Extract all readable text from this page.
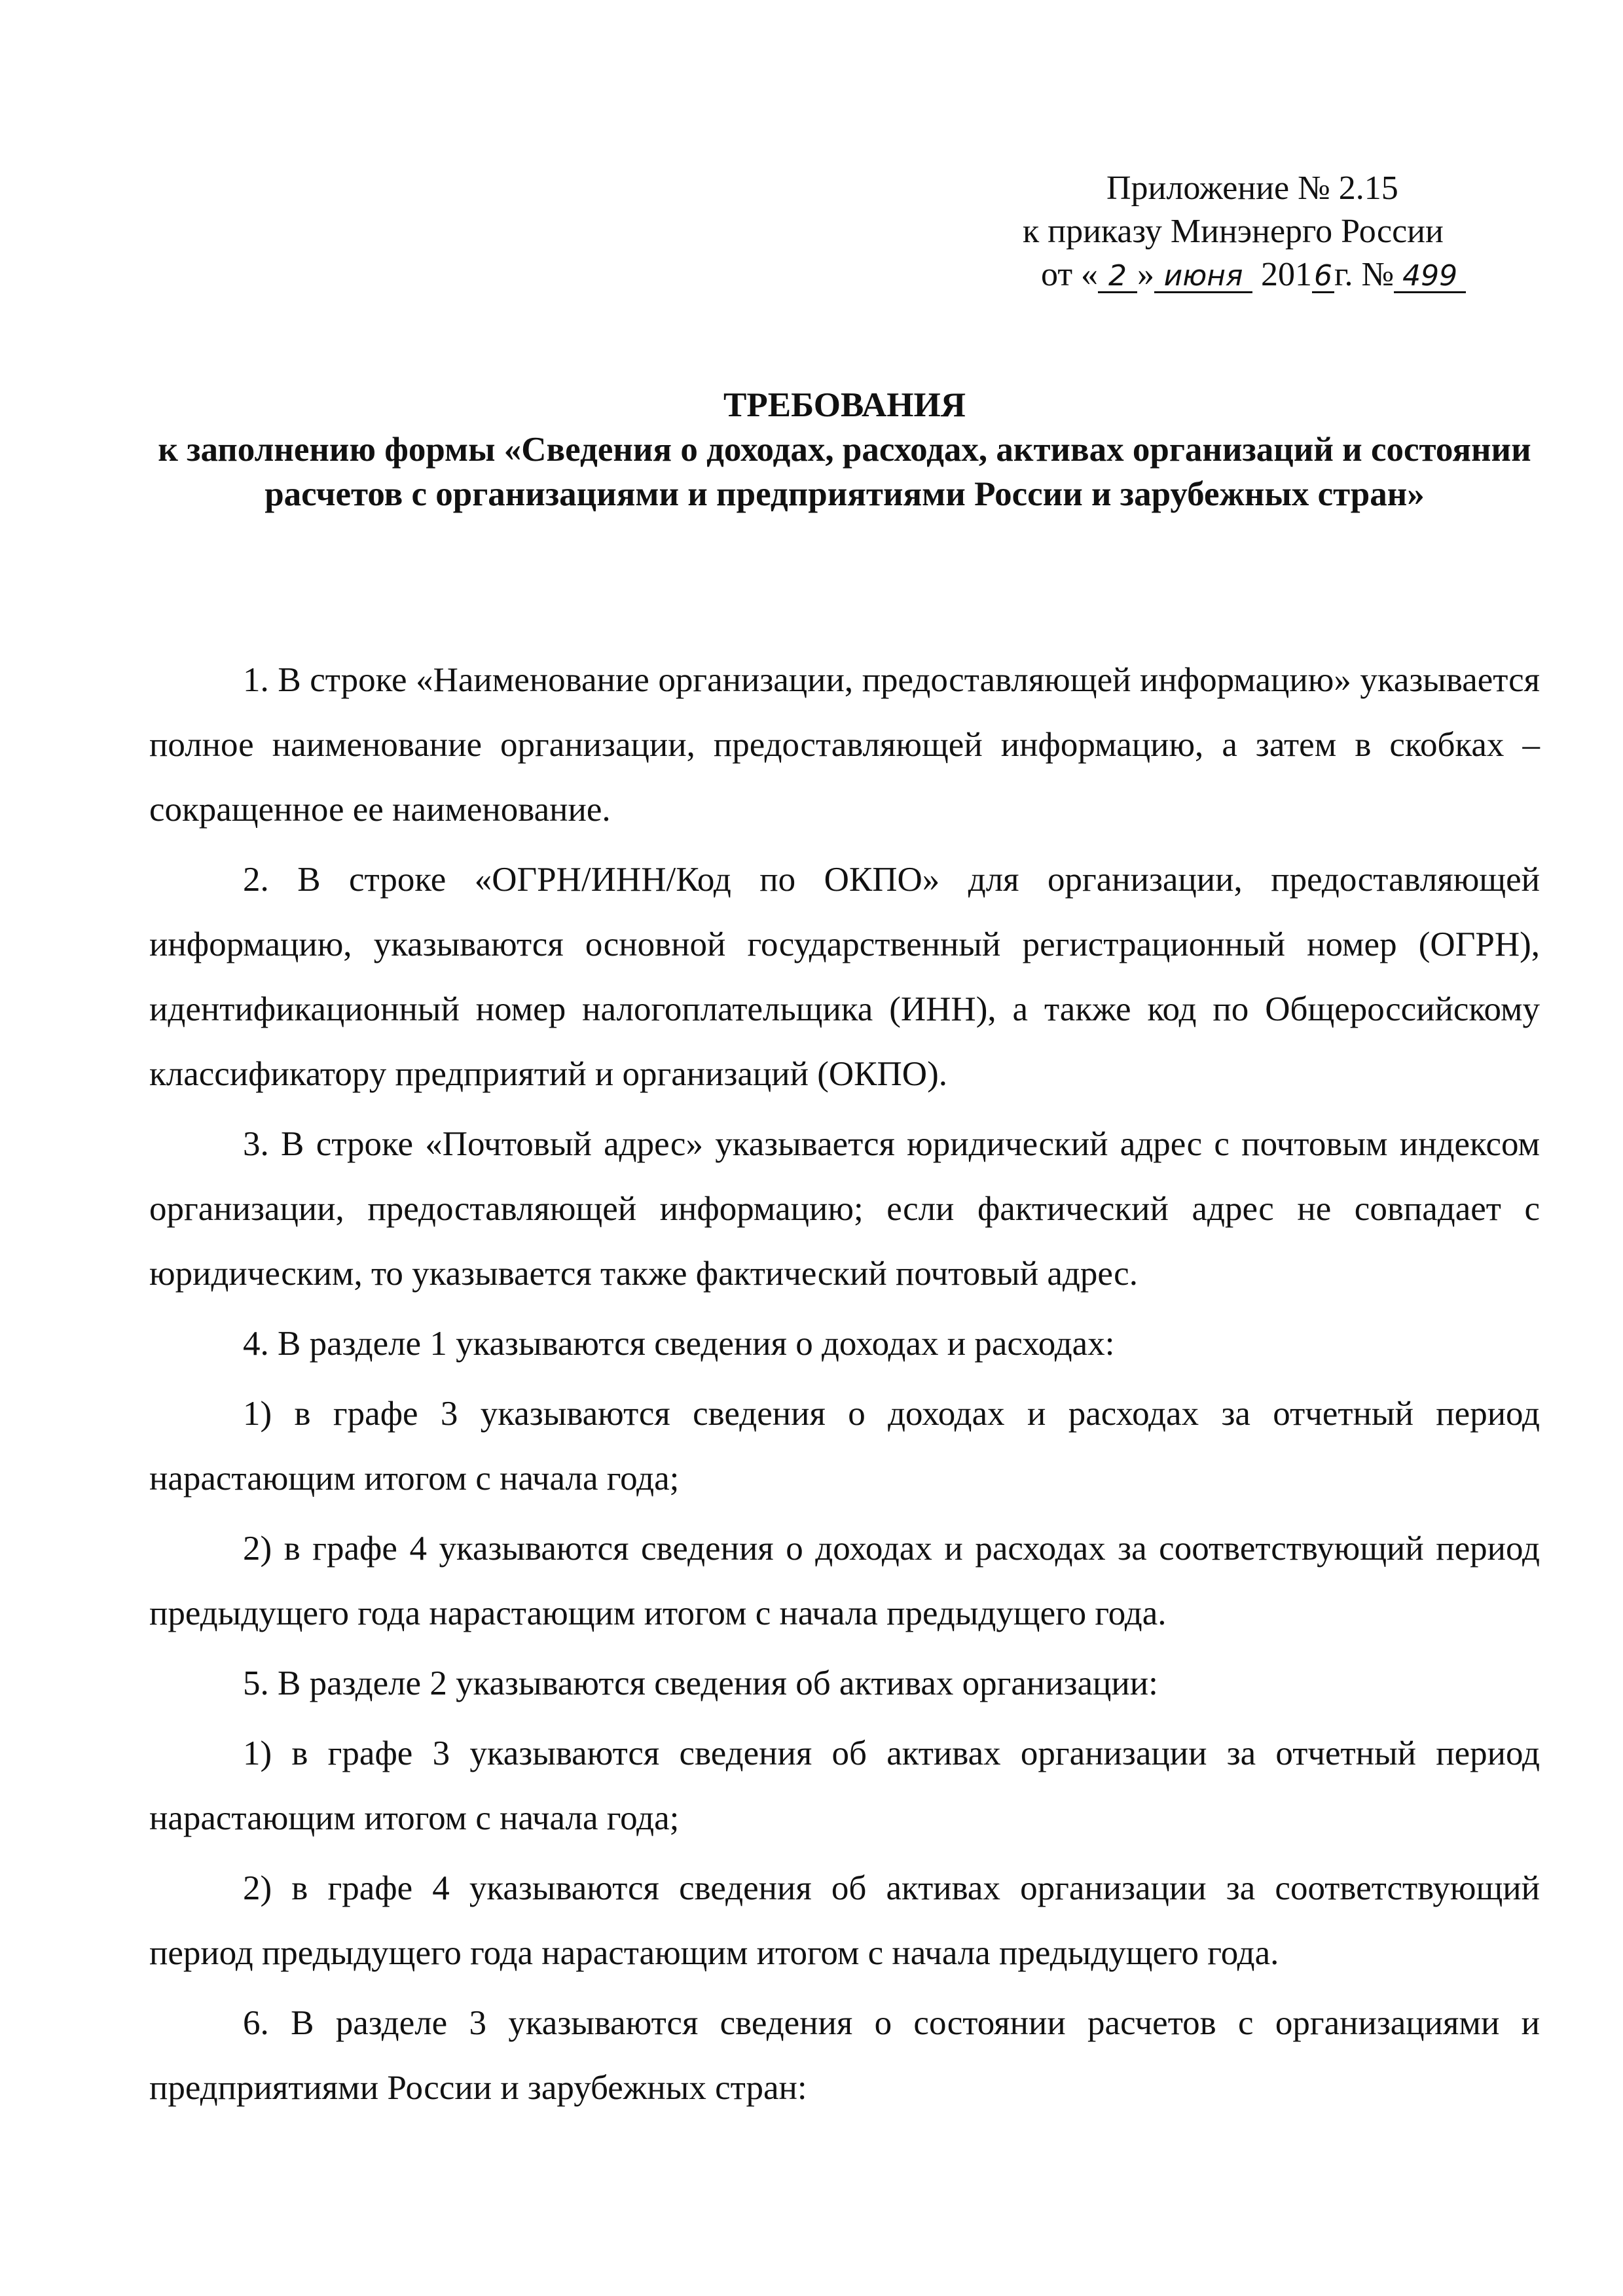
Приложение № 2.15
к приказу Минэнерго России
от « 2 » июня 2016г. № 499
ТРЕБОВАНИЯ
к заполнению формы «Сведения о доходах, расходах, активах организаций и состоянии расчетов с организациями и предприятиями России и зарубежных стран»

1. В строке «Наименование организации, предоставляющей информацию» указывается полное наименование организации, предоставляющей информацию, а затем в скобках – сокращенное ее наименование.

2. В строке «ОГРН/ИНН/Код по ОКПО» для организации, предоставляющей информацию, указываются основной государственный регистрационный номер (ОГРН), идентификационный номер налогоплательщика (ИНН), а также код по Общероссийскому классификатору предприятий и организаций (ОКПО).

3. В строке «Почтовый адрес» указывается юридический адрес с почтовым индексом организации, предоставляющей информацию; если фактический адрес не совпадает с юридическим, то указывается также фактический почтовый адрес.

4. В разделе 1 указываются сведения о доходах и расходах:

1) в графе 3 указываются сведения о доходах и расходах за отчетный период нарастающим итогом с начала года;

2) в графе 4 указываются сведения о доходах и расходах за соответствующий период предыдущего года нарастающим итогом с начала предыдущего года.

5. В разделе 2 указываются сведения об активах организации:

1) в графе 3 указываются сведения об активах организации за отчетный период нарастающим итогом с начала года;

2) в графе 4 указываются сведения об активах организации за соответствующий период предыдущего года нарастающим итогом с начала предыдущего года.

6. В разделе 3 указываются сведения о состоянии расчетов с организациями и предприятиями России и зарубежных стран:
